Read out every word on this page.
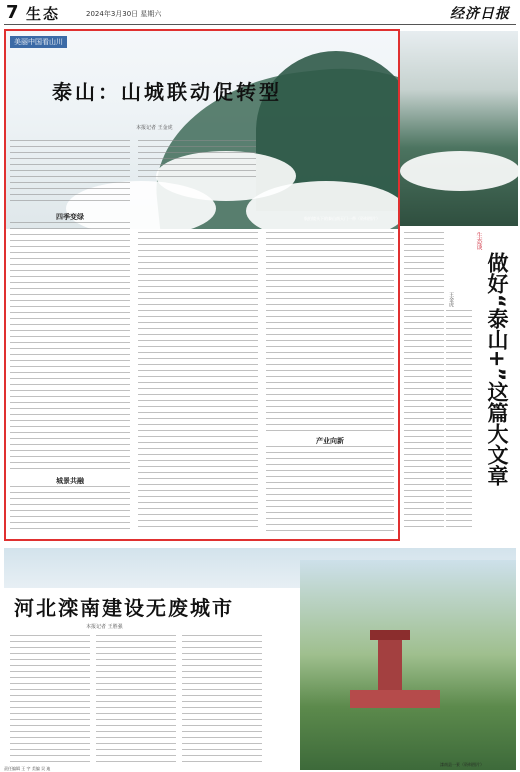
7 生态	2024年3月30日 星期六	经济日报
美丽中国看山川
泰山：山城联动促转型
本报记者 王金虎
航拍镜头下的泰山南天门一带（资料图片）
四季变绿
城景共融
产业向新
生态谈
做好“泰山+”这篇大文章
王金虎
河北滦南建设无废城市
本报记者 王胜强
滦南县一景（资料图片）
责任编辑 王 宇 美编 吴 迪
